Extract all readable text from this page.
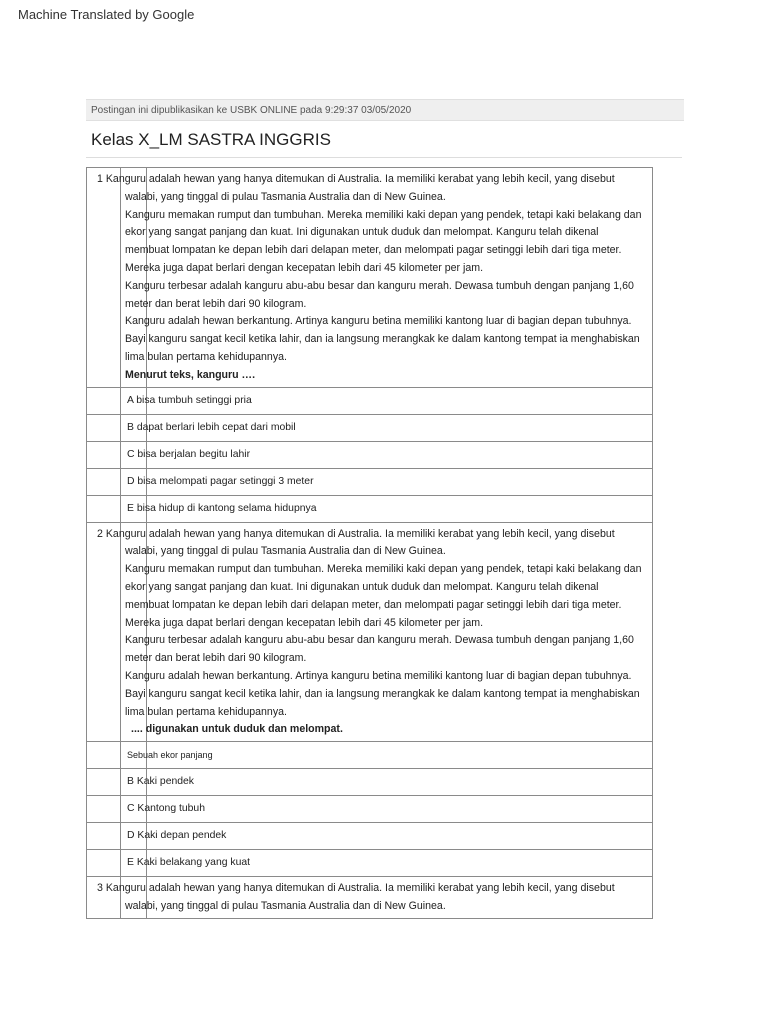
Machine Translated by Google
Postingan ini dipublikasikan ke USBK ONLINE pada 9:29:37 03/05/2020
Kelas X_LM SASTRA INGGRIS
1 Kanguru adalah hewan yang hanya ditemukan di Australia. Ia memiliki kerabat yang lebih kecil, yang disebut walabi, yang tinggal di pulau Tasmania Australia dan di New Guinea.
Kanguru memakan rumput dan tumbuhan. Mereka memiliki kaki depan yang pendek, tetapi kaki belakang dan ekor yang sangat panjang dan kuat. Ini digunakan untuk duduk dan melompat. Kanguru telah dikenal membuat lompatan ke depan lebih dari delapan meter, dan melompati pagar setinggi lebih dari tiga meter. Mereka juga dapat berlari dengan kecepatan lebih dari 45 kilometer per jam.
Kanguru terbesar adalah kanguru abu-abu besar dan kanguru merah. Dewasa tumbuh dengan panjang 1,60 meter dan berat lebih dari 90 kilogram.
Kanguru adalah hewan berkantung. Artinya kanguru betina memiliki kantong luar di bagian depan tubuhnya. Bayi kanguru sangat kecil ketika lahir, dan ia langsung merangkak ke dalam kantong tempat ia menghabiskan lima bulan pertama kehidupannya.
Menurut teks, kanguru ….
A bisa tumbuh setinggi pria
B dapat berlari lebih cepat dari mobil
C bisa berjalan begitu lahir
D bisa melompati pagar setinggi 3 meter
E bisa hidup di kantong selama hidupnya
2 Kanguru adalah hewan yang hanya ditemukan di Australia. Ia memiliki kerabat yang lebih kecil, yang disebut walabi, yang tinggal di pulau Tasmania Australia dan di New Guinea.
Kanguru memakan rumput dan tumbuhan. Mereka memiliki kaki depan yang pendek, tetapi kaki belakang dan ekor yang sangat panjang dan kuat. Ini digunakan untuk duduk dan melompat. Kanguru telah dikenal membuat lompatan ke depan lebih dari delapan meter, dan melompati pagar setinggi lebih dari tiga meter. Mereka juga dapat berlari dengan kecepatan lebih dari 45 kilometer per jam.
Kanguru terbesar adalah kanguru abu-abu besar dan kanguru merah. Dewasa tumbuh dengan panjang 1,60 meter dan berat lebih dari 90 kilogram.
Kanguru adalah hewan berkantung. Artinya kanguru betina memiliki kantong luar di bagian depan tubuhnya. Bayi kanguru sangat kecil ketika lahir, dan ia langsung merangkak ke dalam kantong tempat ia menghabiskan lima bulan pertama kehidupannya.
.... digunakan untuk duduk dan melompat.
Sebuah ekor panjang
B Kaki pendek
C Kantong tubuh
D Kaki depan pendek
E Kaki belakang yang kuat
3 Kanguru adalah hewan yang hanya ditemukan di Australia. Ia memiliki kerabat yang lebih kecil, yang disebut walabi, yang tinggal di pulau Tasmania Australia dan di New Guinea.
